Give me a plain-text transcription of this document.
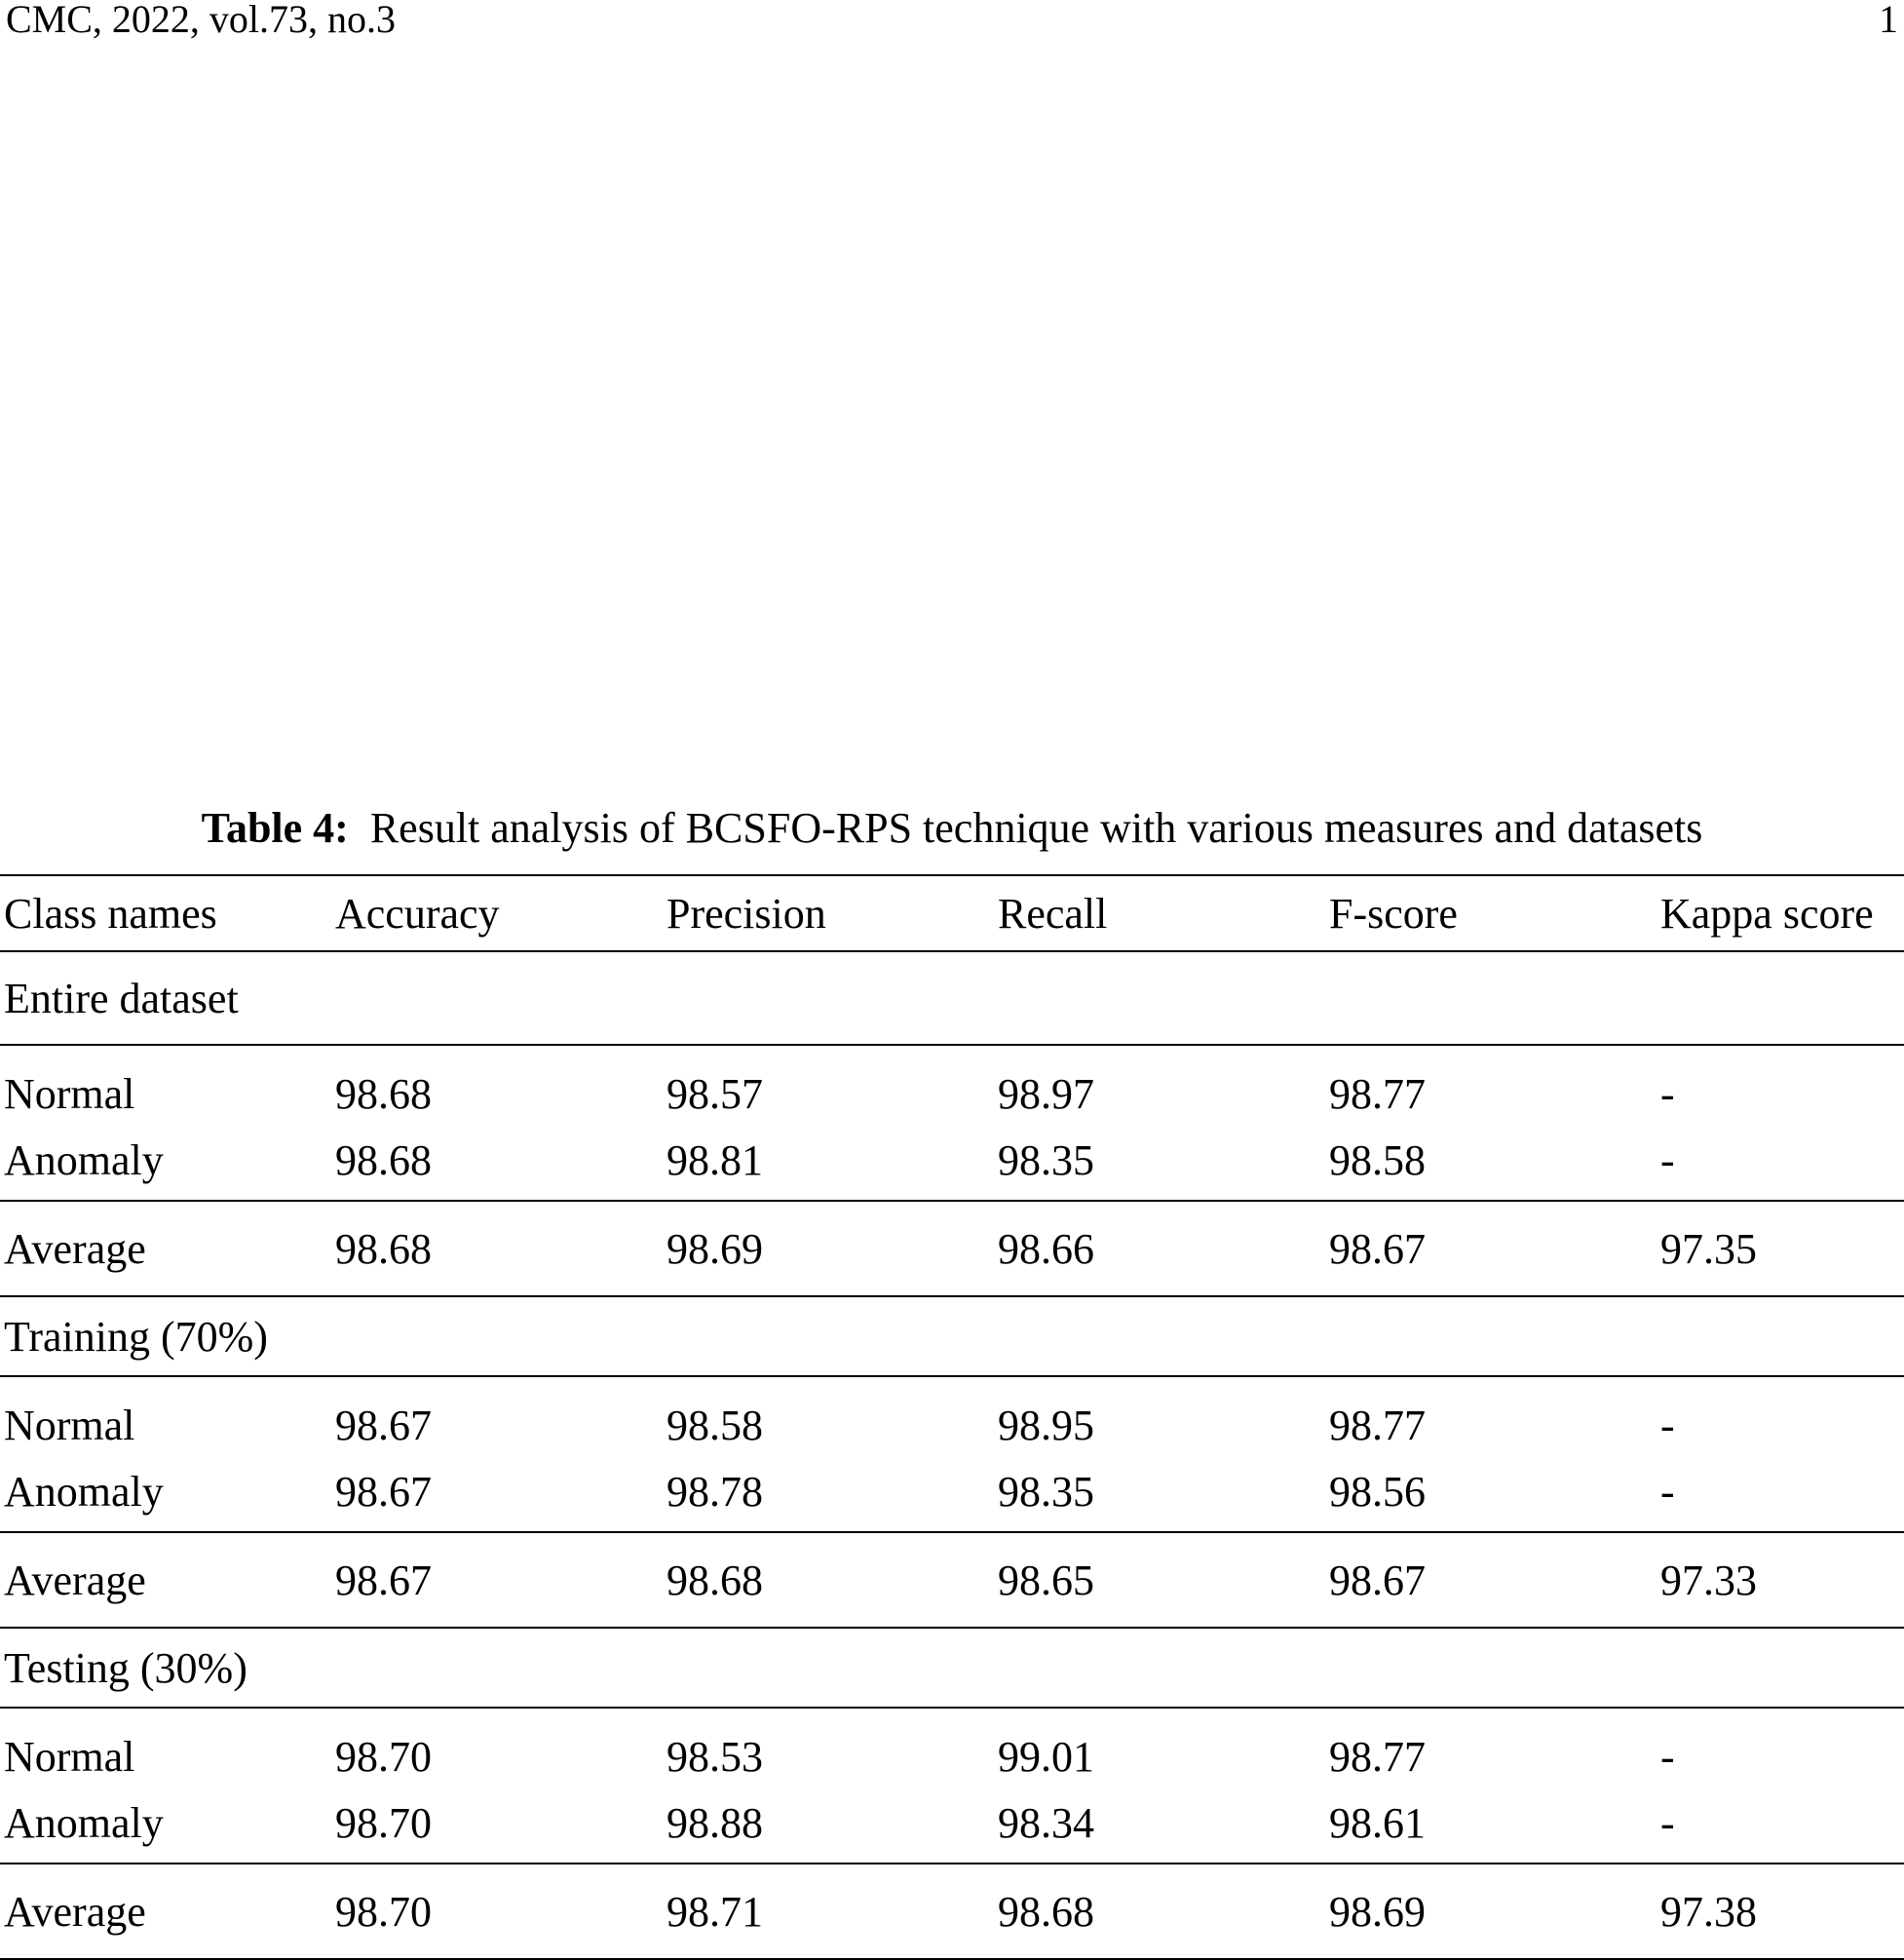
CMC, 2022, vol.73, no.3	1
Table 4: Result analysis of BCSFO-RPS technique with various measures and datasets
Class names	Accuracy	Precision	Recall	F-score	Kappa score
Entire dataset					
Normal	98.68	98.57	98.97	98.77	-
Anomaly	98.68	98.81	98.35	98.58	-
Average	98.68	98.69	98.66	98.67	97.35
Training (70%)					
Normal	98.67	98.58	98.95	98.77	-
Anomaly	98.67	98.78	98.35	98.56	-
Average	98.67	98.68	98.65	98.67	97.33
Testing (30%)					
Normal	98.70	98.53	99.01	98.77	-
Anomaly	98.70	98.88	98.34	98.61	-
Average	98.70	98.71	98.68	98.69	97.38
